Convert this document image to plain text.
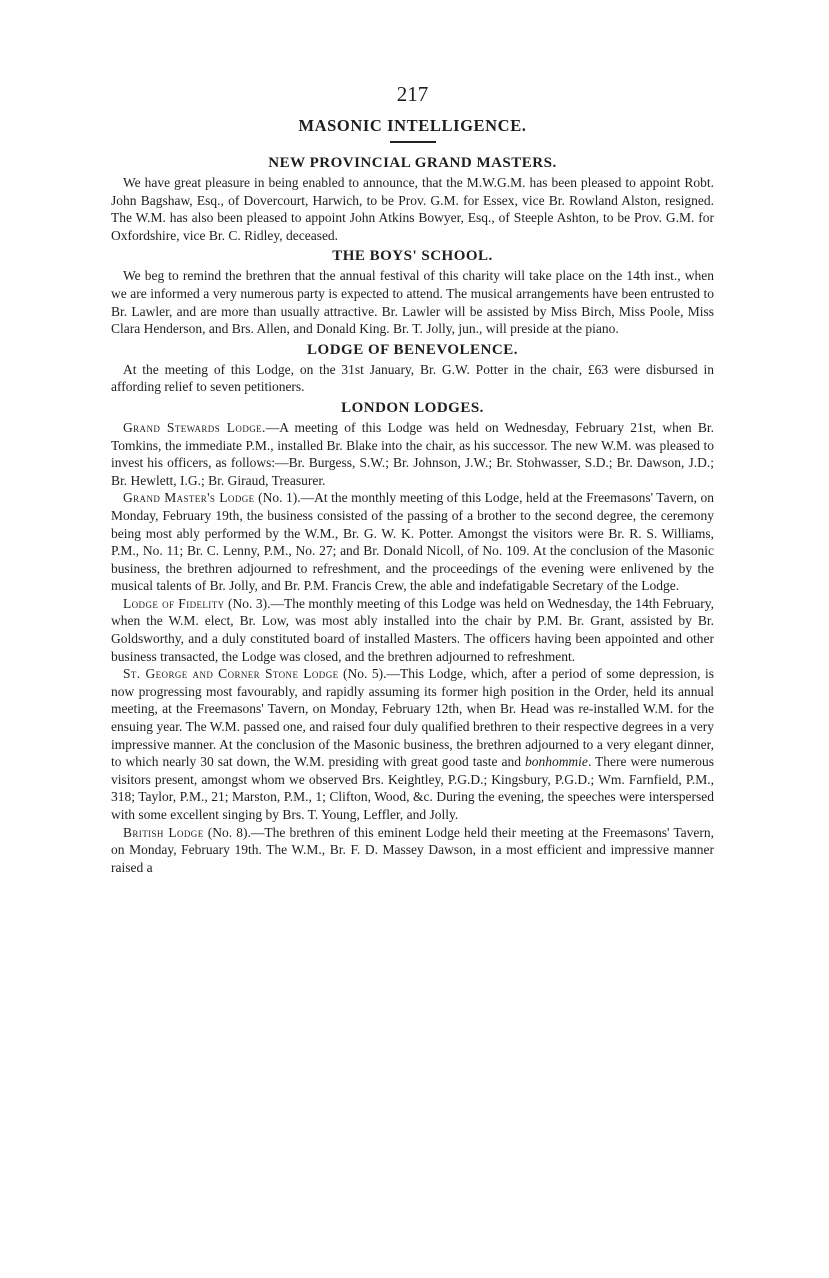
217
MASONIC INTELLIGENCE.
NEW PROVINCIAL GRAND MASTERS.

We have great pleasure in being enabled to announce, that the M.W.G.M. has been pleased to appoint Robt. John Bagshaw, Esq., of Dovercourt, Harwich, to be Prov. G.M. for Essex, vice Br. Rowland Alston, resigned. The W.M. has also been pleased to appoint John Atkins Bowyer, Esq., of Steeple Ashton, to be Prov. G.M. for Oxfordshire, vice Br. C. Ridley, deceased.

THE BOYS' SCHOOL.

We beg to remind the brethren that the annual festival of this charity will take place on the 14th inst., when we are informed a very numerous party is expected to attend. The musical arrangements have been entrusted to Br. Lawler, and are more than usually attractive. Br. Lawler will be assisted by Miss Birch, Miss Poole, Miss Clara Henderson, and Brs. Allen, and Donald King. Br. T. Jolly, jun., will preside at the piano.

LODGE OF BENEVOLENCE.

At the meeting of this Lodge, on the 31st January, Br. G.W. Potter in the chair, £63 were disbursed in affording relief to seven petitioners.

LONDON LODGES.

Grand Stewards Lodge.—A meeting of this Lodge was held on Wednesday, February 21st, when Br. Tomkins, the immediate P.M., installed Br. Blake into the chair, as his successor. The new W.M. was pleased to invest his officers, as follows:—Br. Burgess, S.W.; Br. Johnson, J.W.; Br. Stohwasser, S.D.; Br. Dawson, J.D.; Br. Hewlett, I.G.; Br. Giraud, Treasurer.

Grand Master's Lodge (No. 1).—At the monthly meeting of this Lodge, held at the Freemasons' Tavern, on Monday, February 19th, the business consisted of the passing of a brother to the second degree, the ceremony being most ably performed by the W.M., Br. G. W. K. Potter. Amongst the visitors were Br. R. S. Williams, P.M., No. 11; Br. C. Lenny, P.M., No. 27; and Br. Donald Nicoll, of No. 109. At the conclusion of the Masonic business, the brethren adjourned to refreshment, and the proceedings of the evening were enlivened by the musical talents of Br. Jolly, and Br. P.M. Francis Crew, the able and indefatigable Secretary of the Lodge.

Lodge of Fidelity (No. 3).—The monthly meeting of this Lodge was held on Wednesday, the 14th February, when the W.M. elect, Br. Low, was most ably installed into the chair by P.M. Br. Grant, assisted by Br. Goldsworthy, and a duly constituted board of installed Masters. The officers having been appointed and other business transacted, the Lodge was closed, and the brethren adjourned to refreshment.

St. George and Corner Stone Lodge (No. 5).—This Lodge, which, after a period of some depression, is now progressing most favourably, and rapidly assuming its former high position in the Order, held its annual meeting, at the Freemasons' Tavern, on Monday, February 12th, when Br. Head was re-installed W.M. for the ensuing year. The W.M. passed one, and raised four duly qualified brethren to their respective degrees in a very impressive manner. At the conclusion of the Masonic business, the brethren adjourned to a very elegant dinner, to which nearly 30 sat down, the W.M. presiding with great good taste and bonhommie. There were numerous visitors present, amongst whom we observed Brs. Keightley, P.G.D.; Kingsbury, P.G.D.; Wm. Farnfield, P.M., 318; Taylor, P.M., 21; Marston, P.M., 1; Clifton, Wood, &c. During the evening, the speeches were interspersed with some excellent singing by Brs. T. Young, Leffler, and Jolly.

British Lodge (No. 8).—The brethren of this eminent Lodge held their meeting at the Freemasons' Tavern, on Monday, February 19th. The W.M., Br. F. D. Massey Dawson, in a most efficient and impressive manner raised a
